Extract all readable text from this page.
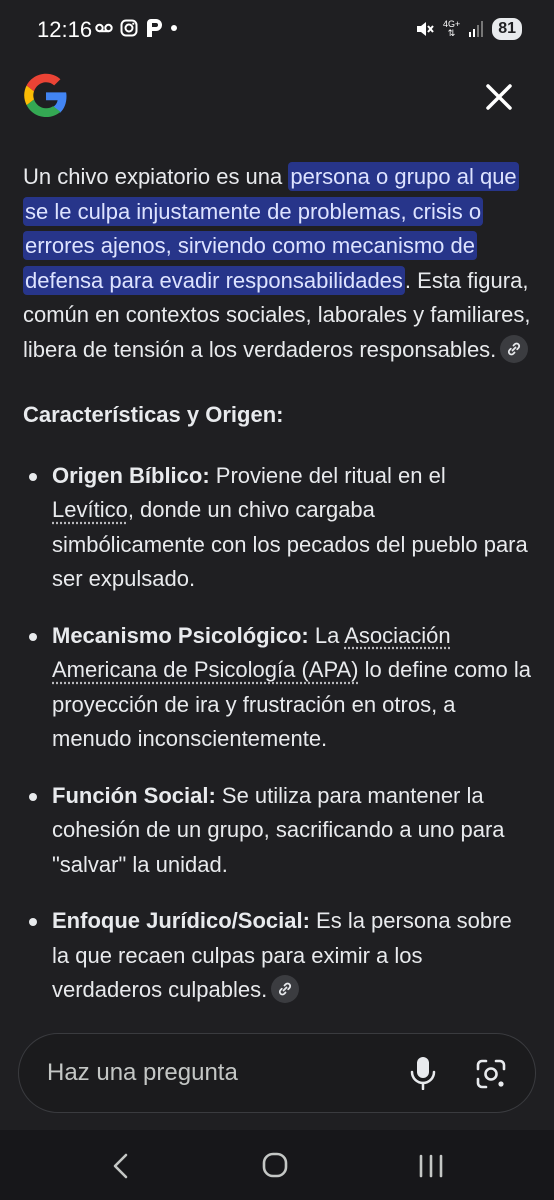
12:16	4G+
⇅	81

Un chivo expiatorio es una persona o grupo al que se le culpa injustamente de problemas, crisis o errores ajenos, sirviendo como mecanismo de defensa para evadir responsabilidades. Esta figura, común en contextos sociales, laborales y familiares, libera de tensión a los verdaderos responsables.

Características y Origen:
Origen Bíblico: Proviene del ritual en el Levítico, donde un chivo cargaba simbólicamente con los pecados del pueblo para ser expulsado.
Mecanismo Psicológico: La Asociación Americana de Psicología (APA) lo define como la proyección de ira y frustración en otros, a menudo inconscientemente.
Función Social: Se utiliza para mantener la cohesión de un grupo, sacrificando a uno para "salvar" la unidad.
Enfoque Jurídico/Social: Es la persona sobre la que recaen culpas para eximir a los verdaderos culpables.
Haz una pregunta
